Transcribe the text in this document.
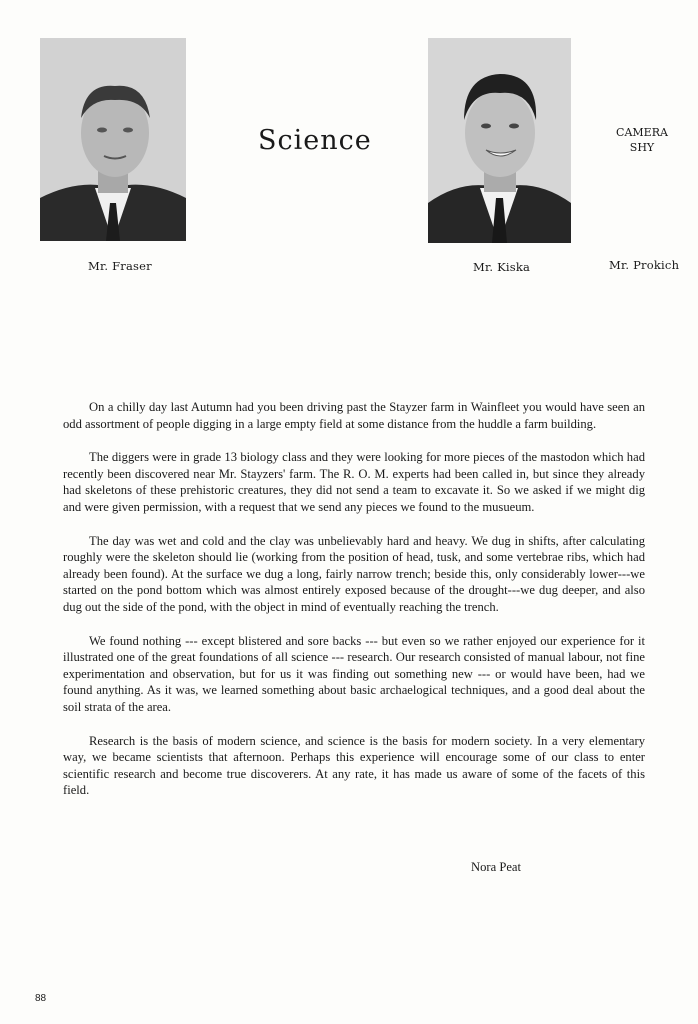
Science	CAMERA SHY
Mr. Fraser	Mr. Kiska	Mr. Prokich

On a chilly day last Autumn had you been driving past the Stayzer farm in Wainfleet you would have seen an odd assortment of people digging in a large empty field at some distance from the huddle a farm building.

The diggers were in grade 13 biology class and they were looking for more pieces of the mastodon which had recently been discovered near Mr. Stayzers' farm. The R. O. M. experts had been called in, but since they already had skeletons of these prehistoric creatures, they did not send a team to excavate it. So we asked if we might dig and were given permission, with a request that we send any pieces we found to the musueum.

The day was wet and cold and the clay was unbelievably hard and heavy. We dug in shifts, after calculating roughly were the skeleton should lie (working from the position of head, tusk, and some vertebrae ribs, which had already been found). At the surface we dug a long, fairly narrow trench; beside this, only considerably lower---we started on the pond bottom which was almost entirely exposed because of the drought---we dug deeper, and also dug out the side of the pond, with the object in mind of eventually reaching the trench.

We found nothing --- except blistered and sore backs --- but even so we rather enjoyed our experience for it illustrated one of the great foundations of all science --- research. Our research consisted of manual labour, not fine experimentation and observation, but for us it was finding out something new --- or would have been, had we found anything. As it was, we learned something about basic archaelogical techniques, and a good deal about the soil strata of the area.

Research is the basis of modern science, and science is the basis for modern society. In a very elementary way, we became scientists that afternoon. Perhaps this experience will encourage some of our class to enter scientific research and become true discoverers. At any rate, it has made us aware of some of the facets of this field.

Nora Peat
88
